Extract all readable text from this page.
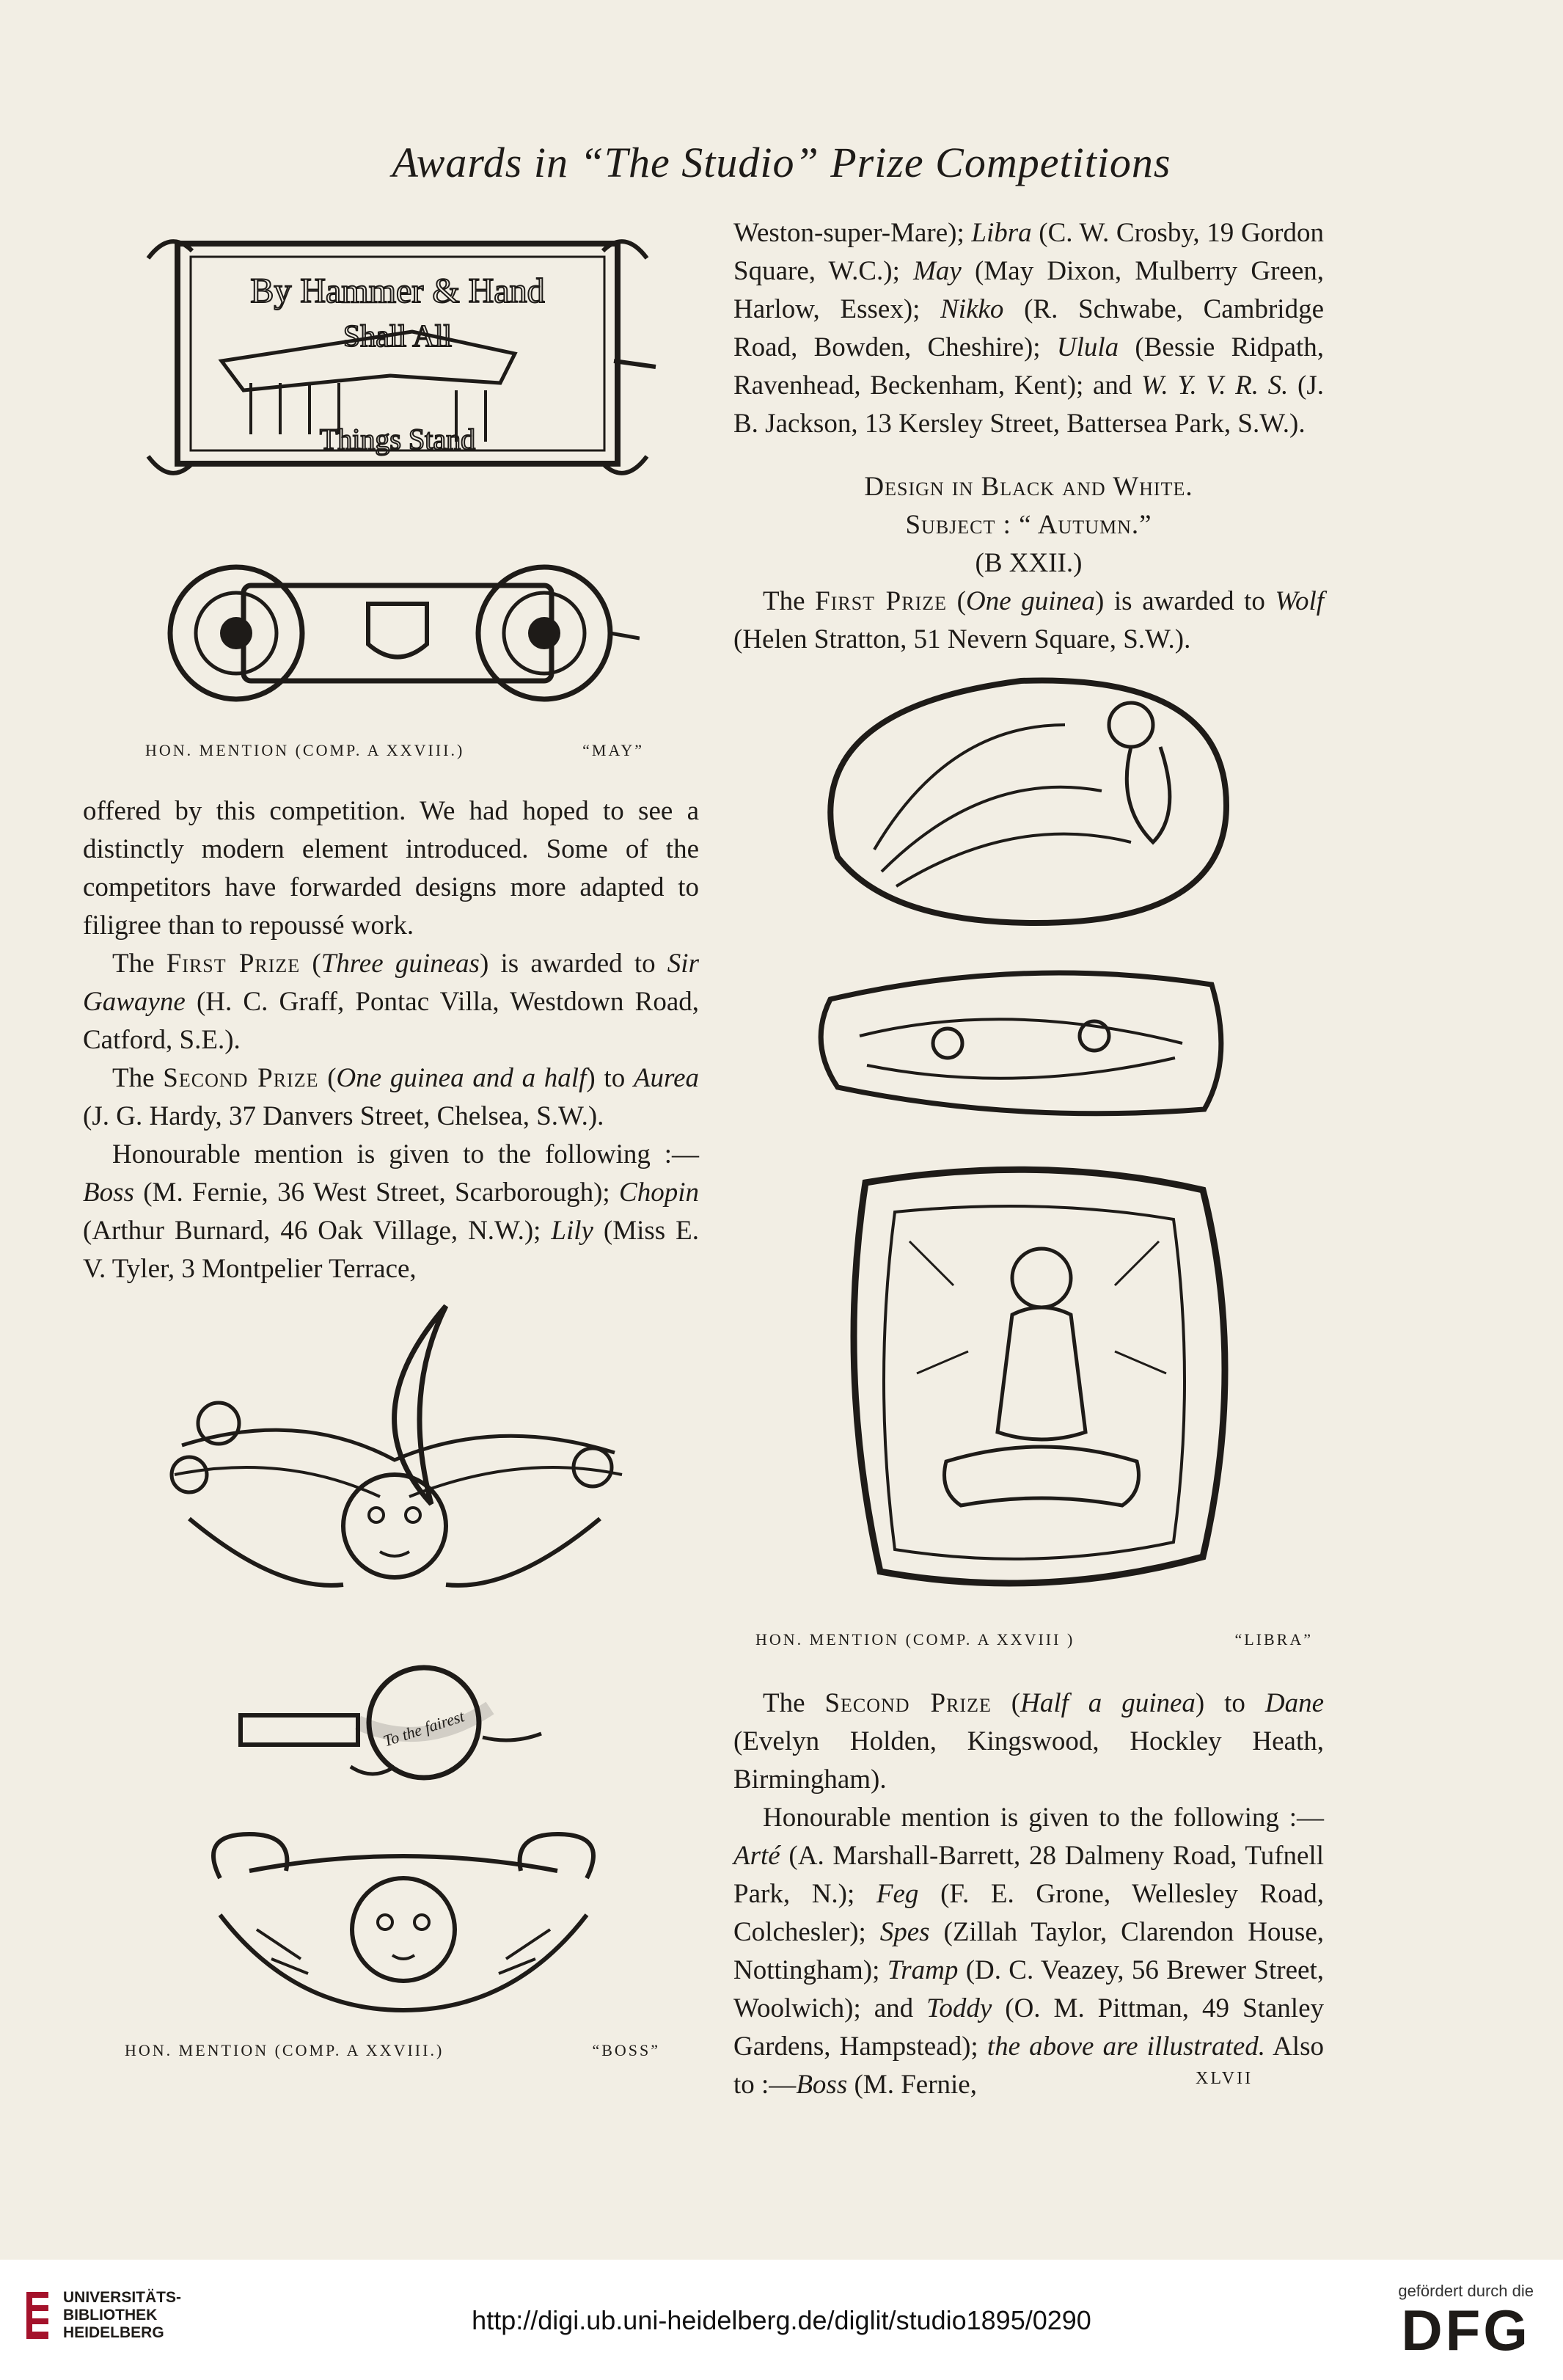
Awards in “The Studio” Prize Competitions
By Hammer & Hand
Shall All
Things Stand
HON. MENTION (COMP. A XXVIII.)	“MAY”

offered by this competition. We had hoped to see a distinctly modern element introduced. Some of the competitors have forwarded designs more adapted to filigree than to repoussé work.

The First Prize (Three guineas) is awarded to Sir Gawayne (H. C. Graff, Pontac Villa, Westdown Road, Catford, S.E.).

The Second Prize (One guinea and a half) to Aurea (J. G. Hardy, 37 Danvers Street, Chelsea, S.W.).

Honourable mention is given to the following :— Boss (M. Fernie, 36 West Street, Scarborough); Chopin (Arthur Burnard, 46 Oak Village, N.W.); Lily (Miss E. V. Tyler, 3 Montpelier Terrace,

To the fairest
HON. MENTION (COMP. A XXVIII.)	“BOSS”

Weston-super-Mare); Libra (C. W. Crosby, 19 Gordon Square, W.C.); May (May Dixon, Mulberry Green, Harlow, Essex); Nikko (R. Schwabe, Cambridge Road, Bowden, Cheshire); Ulula (Bessie Ridpath, Ravenhead, Beckenham, Kent); and W. Y. V. R. S. (J. B. Jackson, 13 Kersley Street, Battersea Park, S.W.).

Design in Black and White.

Subject : “ Autumn.”

(B XXII.)

The First Prize (One guinea) is awarded to Wolf (Helen Stratton, 51 Nevern Square, S.W.).

HON. MENTION (COMP. A XXVIII )	“LIBRA”

The Second Prize (Half a guinea) to Dane (Evelyn Holden, Kingswood, Hockley Heath, Birmingham).

Honourable mention is given to the following :— Arté (A. Marshall-Barrett, 28 Dalmeny Road, Tufnell Park, N.); Feg (F. E. Grone, Wellesley Road, Colchesler); Spes (Zillah Taylor, Clarendon House, Nottingham); Tramp (D. C. Veazey, 56 Brewer Street, Woolwich); and Toddy (O. M. Pittman, 49 Stanley Gardens, Hampstead); the above are illustrated. Also to :—Boss (M. Fernie,	XLVII
UNIVERSITÄTS-
BIBLIOTHEK
HEIDELBERG	http://digi.ub.uni-heidelberg.de/diglit/studio1895/0290
gefördert durch die
DFG
